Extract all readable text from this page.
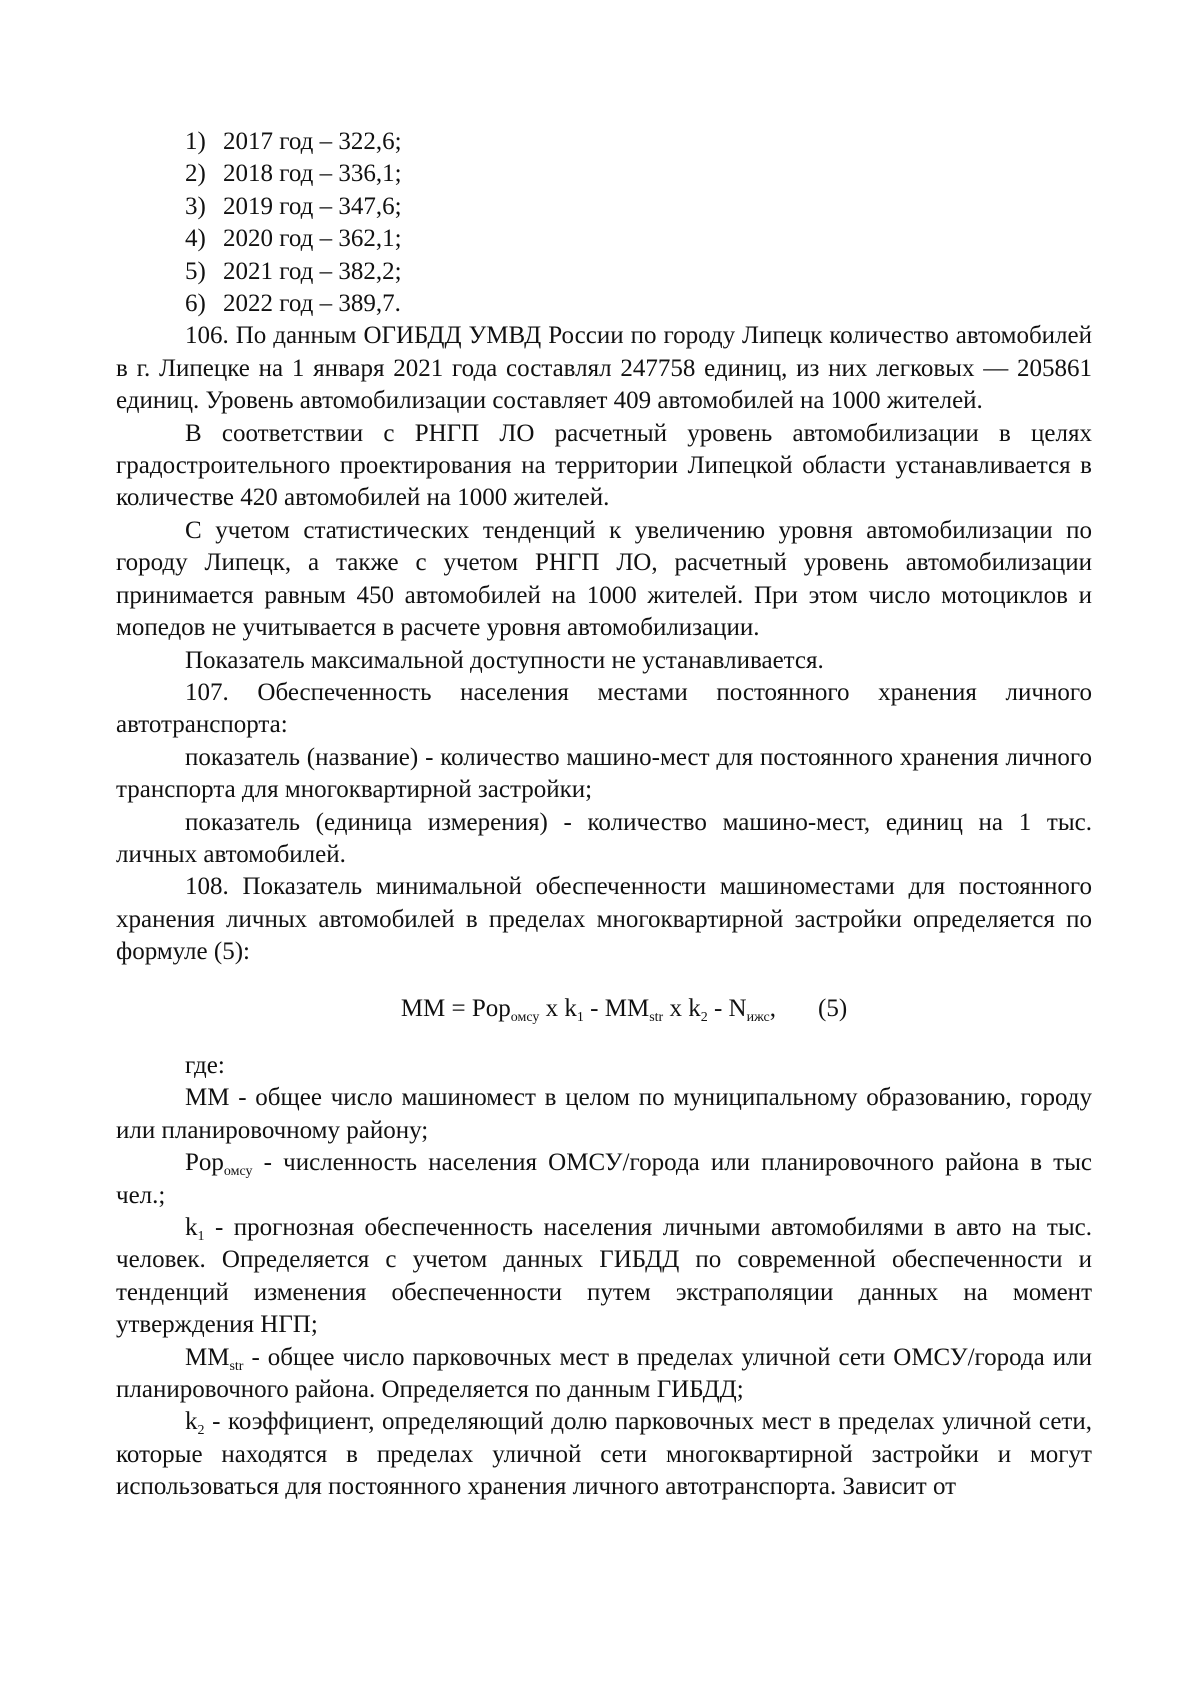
1) 2017 год – 322,6;
2) 2018 год – 336,1;
3) 2019 год – 347,6;
4) 2020 год – 362,1;
5) 2021 год – 382,2;
6) 2022 год – 389,7.

106. По данным ОГИБДД УМВД России по городу Липецк количество автомобилей в г. Липецке на 1 января 2021 года составлял 247758 единиц, из них легковых — 205861 единиц. Уровень автомобилизации составляет 409 автомобилей на 1000 жителей.

В соответствии с РНГП ЛО расчетный уровень автомобилизации в целях градостроительного проектирования на территории Липецкой области устанавливается в количестве 420 автомобилей на 1000 жителей.

С учетом статистических тенденций к увеличению уровня автомобилизации по городу Липецк, а также с учетом РНГП ЛО, расчетный уровень автомобилизации принимается равным 450 автомобилей на 1000 жителей. При этом число мотоциклов и мопедов не учитывается в расчете уровня автомобилизации.

Показатель максимальной доступности не устанавливается.

107. Обеспеченность населения местами постоянного хранения личного автотранспорта:

показатель (название) - количество машино-мест для постоянного хранения личного транспорта для многоквартирной застройки;

показатель (единица измерения) - количество машино-мест, единиц на 1 тыс. личных автомобилей.

108. Показатель минимальной обеспеченности машиноместами для постоянного хранения личных автомобилей в пределах многоквартирной застройки определяется по формуле (5):

ММ = Pop$_{омсу}$ х $k_1 - ММ_{str}$ х $k_2 - N_{ижс}$, (5)

где:

ММ - общее число машиномест в целом по муниципальному образованию, городу или планировочному району;

Pop$_{омсу}$ - численность населения ОМСУ/города или планировочного района в тыс чел.;

$k_1$ - прогнозная обеспеченность населения личными автомобилями в авто на тыс. человек. Определяется с учетом данных ГИБДД по современной обеспеченности и тенденций изменения обеспеченности путем экстраполяции данных на момент утверждения НГП;

$ММ_{str}$ - общее число парковочных мест в пределах уличной сети ОМСУ/города или планировочного района. Определяется по данным ГИБДД;

$k_2$ - коэффициент, определяющий долю парковочных мест в пределах уличной сети, которые находятся в пределах уличной сети многоквартирной застройки и могут использоваться для постоянного хранения личного автотранспорта. Зависит от
